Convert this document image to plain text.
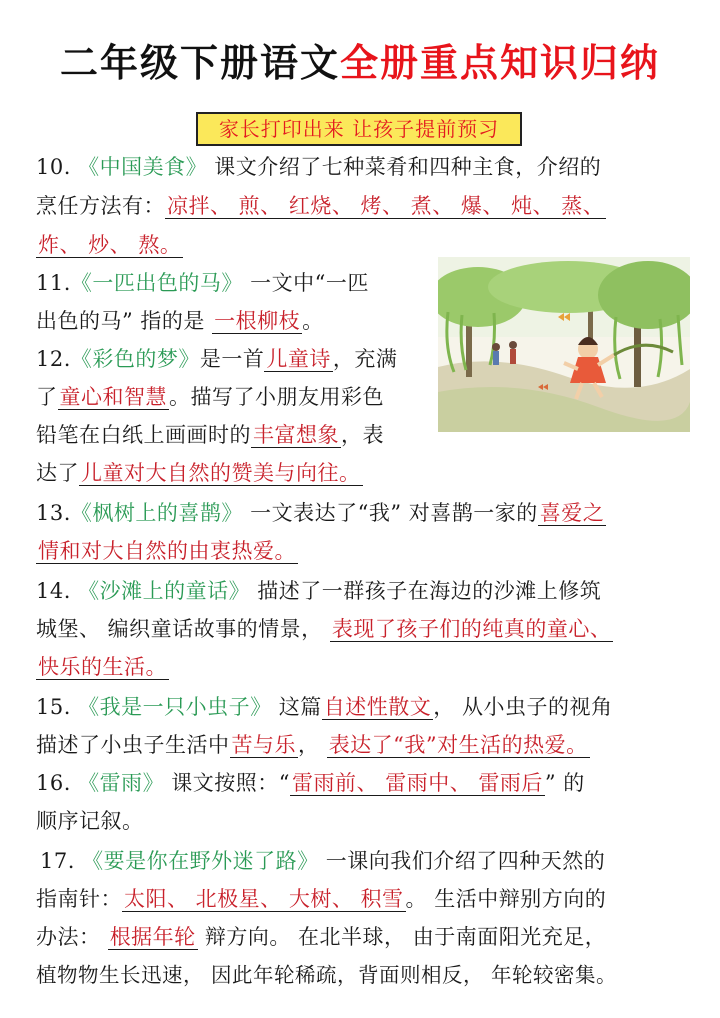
二年级下册语文全册重点知识归纳
家长打印出来 让孩子提前预习
10. 《中国美食》 课文介绍了七种菜肴和四种主食，介绍的
烹任方法有：凉拌、 煎、 红烧、 烤、 煮、 爆、 炖、 蒸、
炸、 炒、 熬。
11.《一匹出色的马》 一文中“一匹
出色的马” 指的是 一根柳枝。
12.《彩色的梦》是一首儿童诗，充满
了童心和智慧。描写了小朋友用彩色
铅笔在白纸上画画时的丰富想象，表
达了儿童对大自然的赞美与向往。
13.《枫树上的喜鹊》 一文表达了“我” 对喜鹊一家的喜爱之
情和对大自然的由衷热爱。
14. 《沙滩上的童话》 描述了一群孩子在海边的沙滩上修筑
城堡、 编织童话故事的情景， 表现了孩子们的纯真的童心、
快乐的生活。
15. 《我是一只小虫子》 这篇自述性散文， 从小虫子的视角
描述了小虫子生活中苦与乐， 表达了“我”对生活的热爱。
16. 《雷雨》 课文按照：“雷雨前、 雷雨中、 雷雨后” 的
顺序记叙。
17. 《要是你在野外迷了路》 一课向我们介绍了四种天然的
指南针：太阳、 北极星、 大树、 积雪。 生活中辩别方向的
办法： 根据年轮 辩方向。 在北半球， 由于南面阳光充足，
植物物生长迅速， 因此年轮稀疏，背面则相反， 年轮较密集。
